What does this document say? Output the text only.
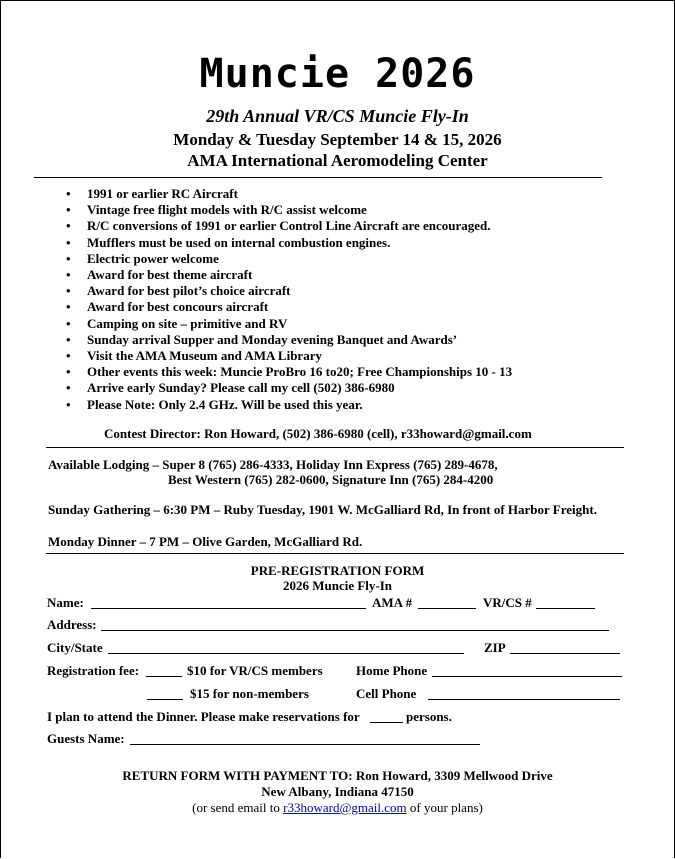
Muncie 2026
29th Annual VR/CS Muncie Fly-In
Monday & Tuesday September 14 & 15, 2026
AMA International Aeromodeling Center
• 1991 or earlier RC Aircraft
• Vintage free flight models with R/C assist welcome
• R/C conversions of 1991 or earlier Control Line Aircraft are encouraged.
• Mufflers must be used on internal combustion engines.
• Electric power welcome
• Award for best theme aircraft
• Award for best pilot’s choice aircraft
• Award for best concours aircraft
• Camping on site – primitive and RV
• Sunday arrival Supper and Monday evening Banquet and Awards’
• Visit the AMA Museum and AMA Library
• Other events this week: Muncie ProBro 16 to20; Free Championships 10 - 13
• Arrive early Sunday? Please call my cell (502) 386-6980
• Please Note: Only 2.4 GHz. Will be used this year.
Contest Director: Ron Howard, (502) 386-6980 (cell), r33howard@gmail.com
Available Lodging – Super 8 (765) 286-4333, Holiday Inn Express (765) 289-4678,
Best Western (765) 282-0600, Signature Inn (765) 284-4200
Sunday Gathering – 6:30 PM – Ruby Tuesday, 1901 W. McGalliard Rd, In front of Harbor Freight.
Monday Dinner – 7 PM – Olive Garden, McGalliard Rd.
PRE-REGISTRATION FORM
2026 Muncie Fly-In
Name:	AMA #	VR/CS #
Address:
City/State	ZIP
Registration fee:	$10 for VR/CS members	Home Phone
$15 for non-members	Cell Phone
I plan to attend the Dinner. Please make reservations for	persons.
Guests Name:
RETURN FORM WITH PAYMENT TO: Ron Howard, 3309 Mellwood Drive
New Albany, Indiana 47150
(or send email to r33howard@gmail.com of your plans)
